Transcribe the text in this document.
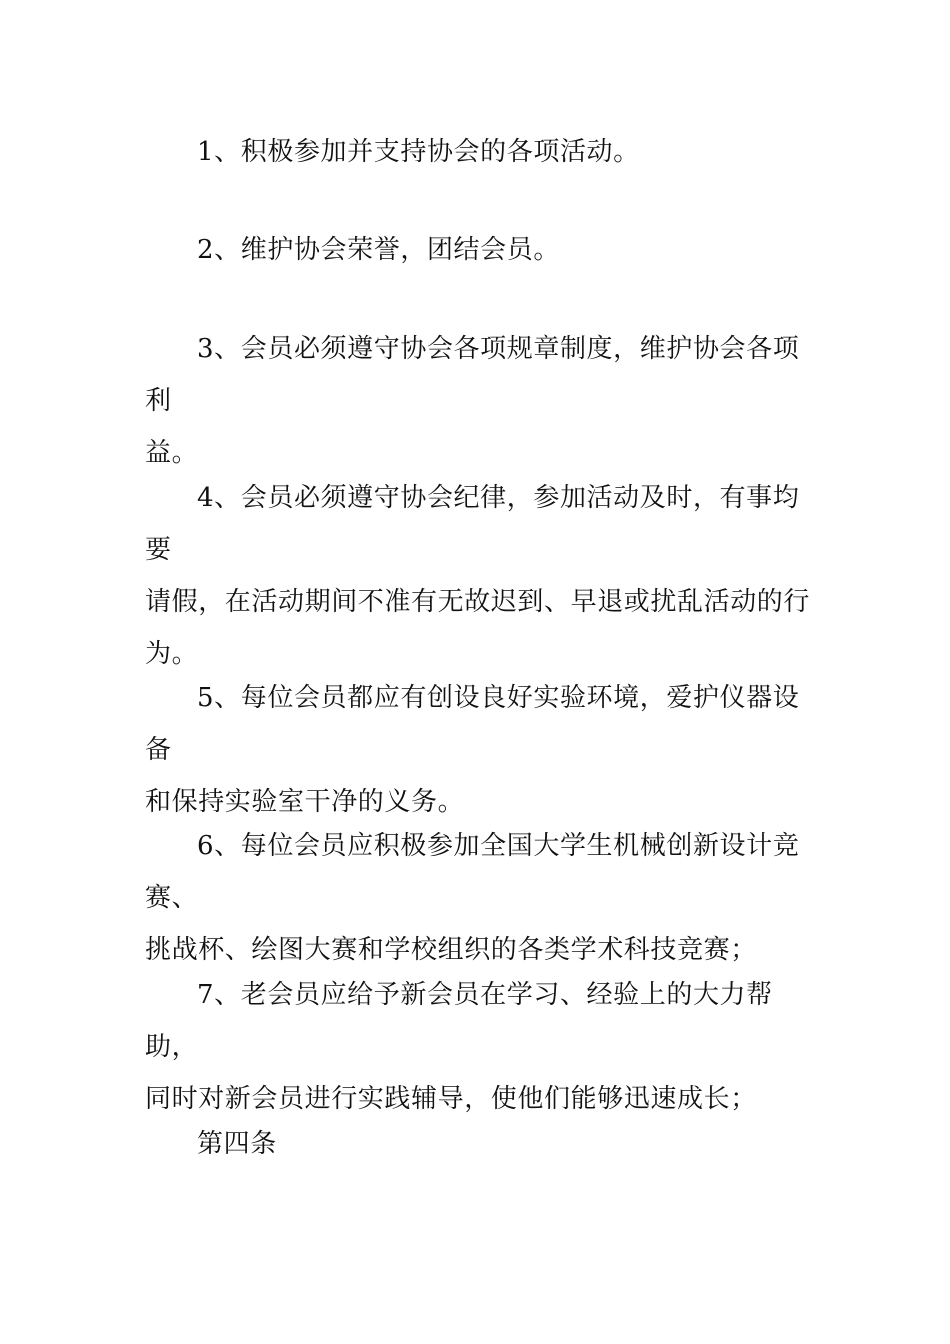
1、积极参加并支持协会的各项活动。

2、维护协会荣誉，团结会员。

3、会员必须遵守协会各项规章制度，维护协会各项利
益。

4、会员必须遵守协会纪律，参加活动及时，有事均要
请假，在活动期间不准有无故迟到、早退或扰乱活动的行
为。

5、每位会员都应有创设良好实验环境，爱护仪器设备
和保持实验室干净的义务。

6、每位会员应积极参加全国大学生机械创新设计竞赛、
挑战杯、绘图大赛和学校组织的各类学术科技竞赛；

7、老会员应给予新会员在学习、经验上的大力帮助，
同时对新会员进行实践辅导，使他们能够迅速成长；

第四条
